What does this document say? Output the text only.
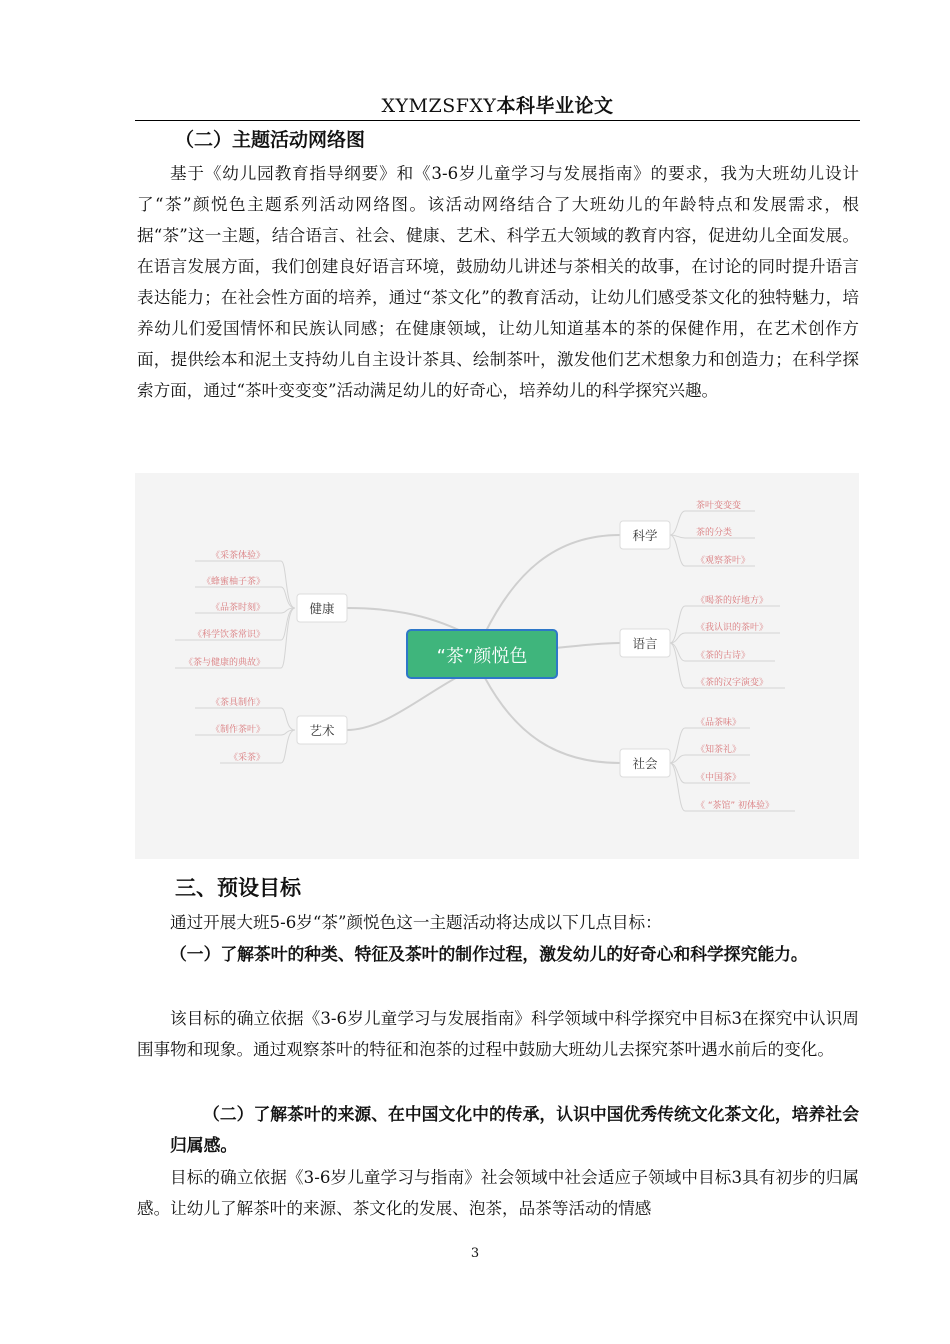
XYMZSFXY本科毕业论文
（二）主题活动网络图

基于《幼儿园教育指导纲要》和《3-6岁儿童学习与发展指南》的要求，我为大班幼儿设计了“茶”颜悦色主题系列活动网络图。该活动网络结合了大班幼儿的年龄特点和发展需求，根据“茶”这一主题，结合语言、社会、健康、艺术、科学五大领域的教育内容，促进幼儿全面发展。在语言发展方面，我们创建良好语言环境，鼓励幼儿讲述与茶相关的故事，在讨论的同时提升语言表达能力；在社会性方面的培养，通过“茶文化”的教育活动，让幼儿们感受茶文化的独特魅力，培养幼儿们爱国情怀和民族认同感；在健康领域，让幼儿知道基本的茶的保健作用，在艺术创作方面，提供绘本和泥土支持幼儿自主设计茶具、绘制茶叶，激发他们艺术想象力和创造力；在科学探索方面，通过“茶叶变变变”活动满足幼儿的好奇心，培养幼儿的科学探究兴趣。

“茶”颜悦色
健康
艺术
科学
语言
社会
《采茶体验》
《蜂蜜柚子茶》
《品茶时刻》
《科学饮茶常识》
《茶与健康的典故》
《茶具制作》
《制作茶叶》
《采茶》
茶叶变变变
茶的分类
《观察茶叶》
《喝茶的好地方》
《我认识的茶叶》
《茶的古诗》
《茶的汉字演变》
《品茶味》
《知茶礼》
《中国茶》
《 “茶馆” 初体验》
三、预设目标

通过开展大班5-6岁“茶”颜悦色这一主题活动将达成以下几点目标：

（一）了解茶叶的种类、特征及茶叶的制作过程，激发幼儿的好奇心和科学探究能力。

该目标的确立依据《3-6岁儿童学习与发展指南》科学领域中科学探究中目标3在探究中认识周围事物和现象。通过观察茶叶的特征和泡茶的过程中鼓励大班幼儿去探究茶叶遇水前后的变化。

（二）了解茶叶的来源、在中国文化中的传承，认识中国优秀传统文化茶文化，培养社会归属感。

目标的确立依据《3-6岁儿童学习与指南》社会领域中社会适应子领域中目标3具有初步的归属感。让幼儿了解茶叶的来源、茶文化的发展、泡茶，品茶等活动的情感

3
